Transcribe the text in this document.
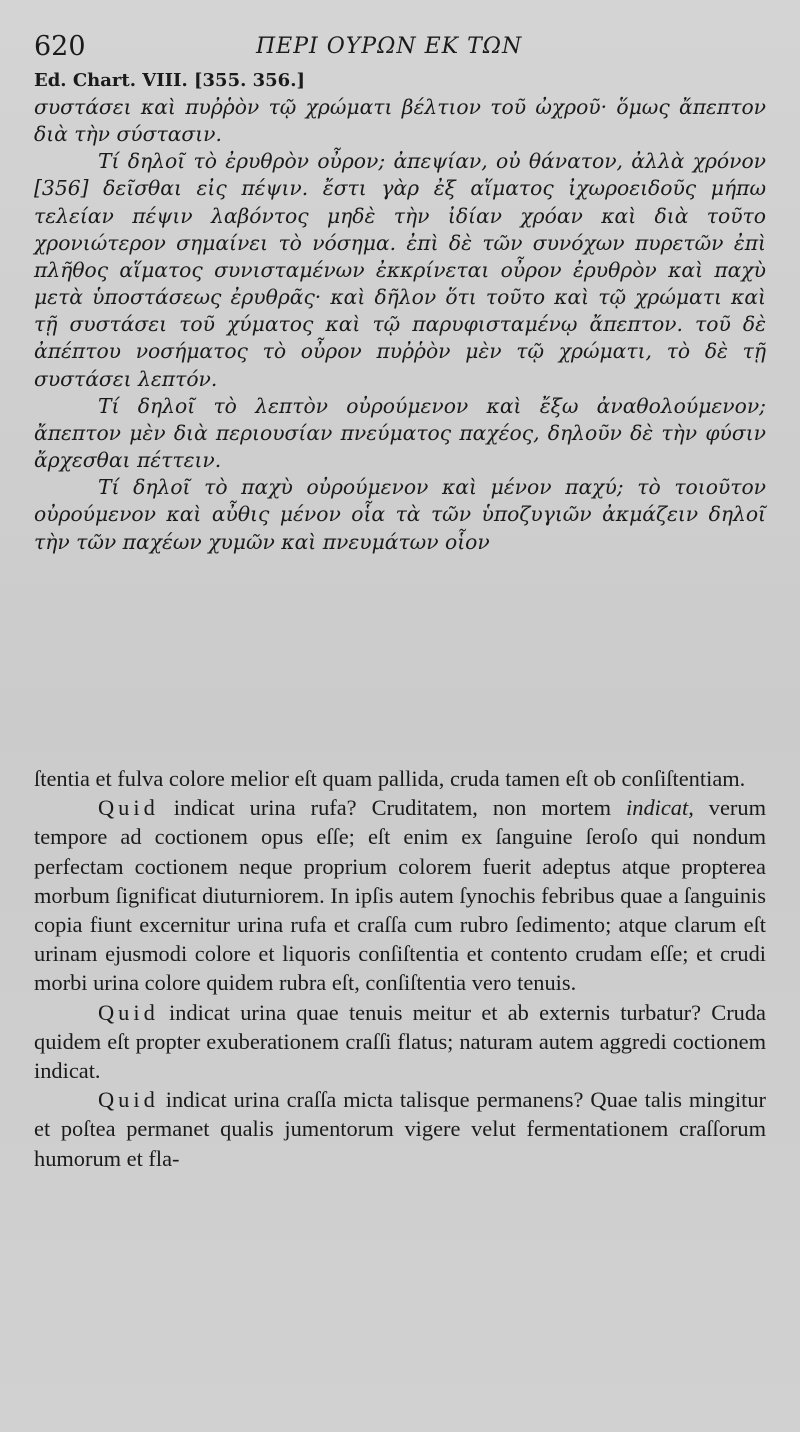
620	ΠΕΡΙ ΟΥΡΩΝ ΕΚ ΤΩΝ
Ed. Chart. VIII. [355. 356.]

συστάσει καὶ πυῤῥὸν τῷ χρώματι βέλτιον τοῦ ὠχροῦ· ὅμως ἄπεπτον διὰ τὴν σύστασιν.

Τί δηλοῖ τὸ ἐρυθρὸν οὖρον; ἀπεψίαν, οὐ θάνατον, ἀλλὰ χρόνον [356] δεῖσθαι εἰς πέψιν. ἔστι γὰρ ἐξ αἵματος ἰχωροειδοῦς μήπω τελείαν πέψιν λαβόντος μηδὲ τὴν ἰδίαν χρόαν καὶ διὰ τοῦτο χρονιώτερον σημαίνει τὸ νόσημα. ἐπὶ δὲ τῶν συνόχων πυρετῶν ἐπὶ πλῆθος αἵματος συνισταμένων ἐκκρίνεται οὖρον ἐρυθρὸν καὶ παχὺ μετὰ ὑποστάσεως ἐρυθρᾶς· καὶ δῆλον ὅτι τοῦτο καὶ τῷ χρώματι καὶ τῇ συστάσει τοῦ χύματος καὶ τῷ παρυφισταμένῳ ἄπεπτον. τοῦ δὲ ἀπέπτου νοσήματος τὸ οὖρον πυῤῥὸν μὲν τῷ χρώματι, τὸ δὲ τῇ συστάσει λεπτόν.

Τί δηλοῖ τὸ λεπτὸν οὐρούμενον καὶ ἔξω ἀναθολούμενον; ἄπεπτον μὲν διὰ περιουσίαν πνεύματος παχέος, δηλοῦν δὲ τὴν φύσιν ἄρχεσθαι πέττειν.

Τί δηλοῖ τὸ παχὺ οὐρούμενον καὶ μένον παχύ; τὸ τοιοῦτον οὐρούμενον καὶ αὖθις μένον οἷα τὰ τῶν ὑποζυγιῶν ἀκμάζειν δηλοῖ τὴν τῶν παχέων χυμῶν καὶ πνευμάτων οἷον

ſtentia et fulva colore melior eſt quam pallida, cruda tamen eſt ob conſiſtentiam.

Quid indicat urina rufa? Cruditatem, non mortem indicat, verum tempore ad coctionem opus eſſe; eſt enim ex ſanguine ſeroſo qui nondum perfectam coctionem neque proprium colorem fuerit adeptus atque propterea morbum ſignificat diuturniorem. In ipſis autem ſynochis febribus quae a ſanguinis copia fiunt excernitur urina rufa et craſſa cum rubro ſedimento; atque clarum eſt urinam ejusmodi colore et liquoris conſiſtentia et contento crudam eſſe; et crudi morbi urina colore quidem rubra eſt, conſiſtentia vero tenuis.

Quid indicat urina quae tenuis meitur et ab externis turbatur? Cruda quidem eſt propter exuberationem craſſi flatus; naturam autem aggredi coctionem indicat.

Quid indicat urina craſſa micta talisque permanens? Quae talis mingitur et poſtea permanet qualis jumentorum vigere velut fermentationem craſſorum humorum et fla-
